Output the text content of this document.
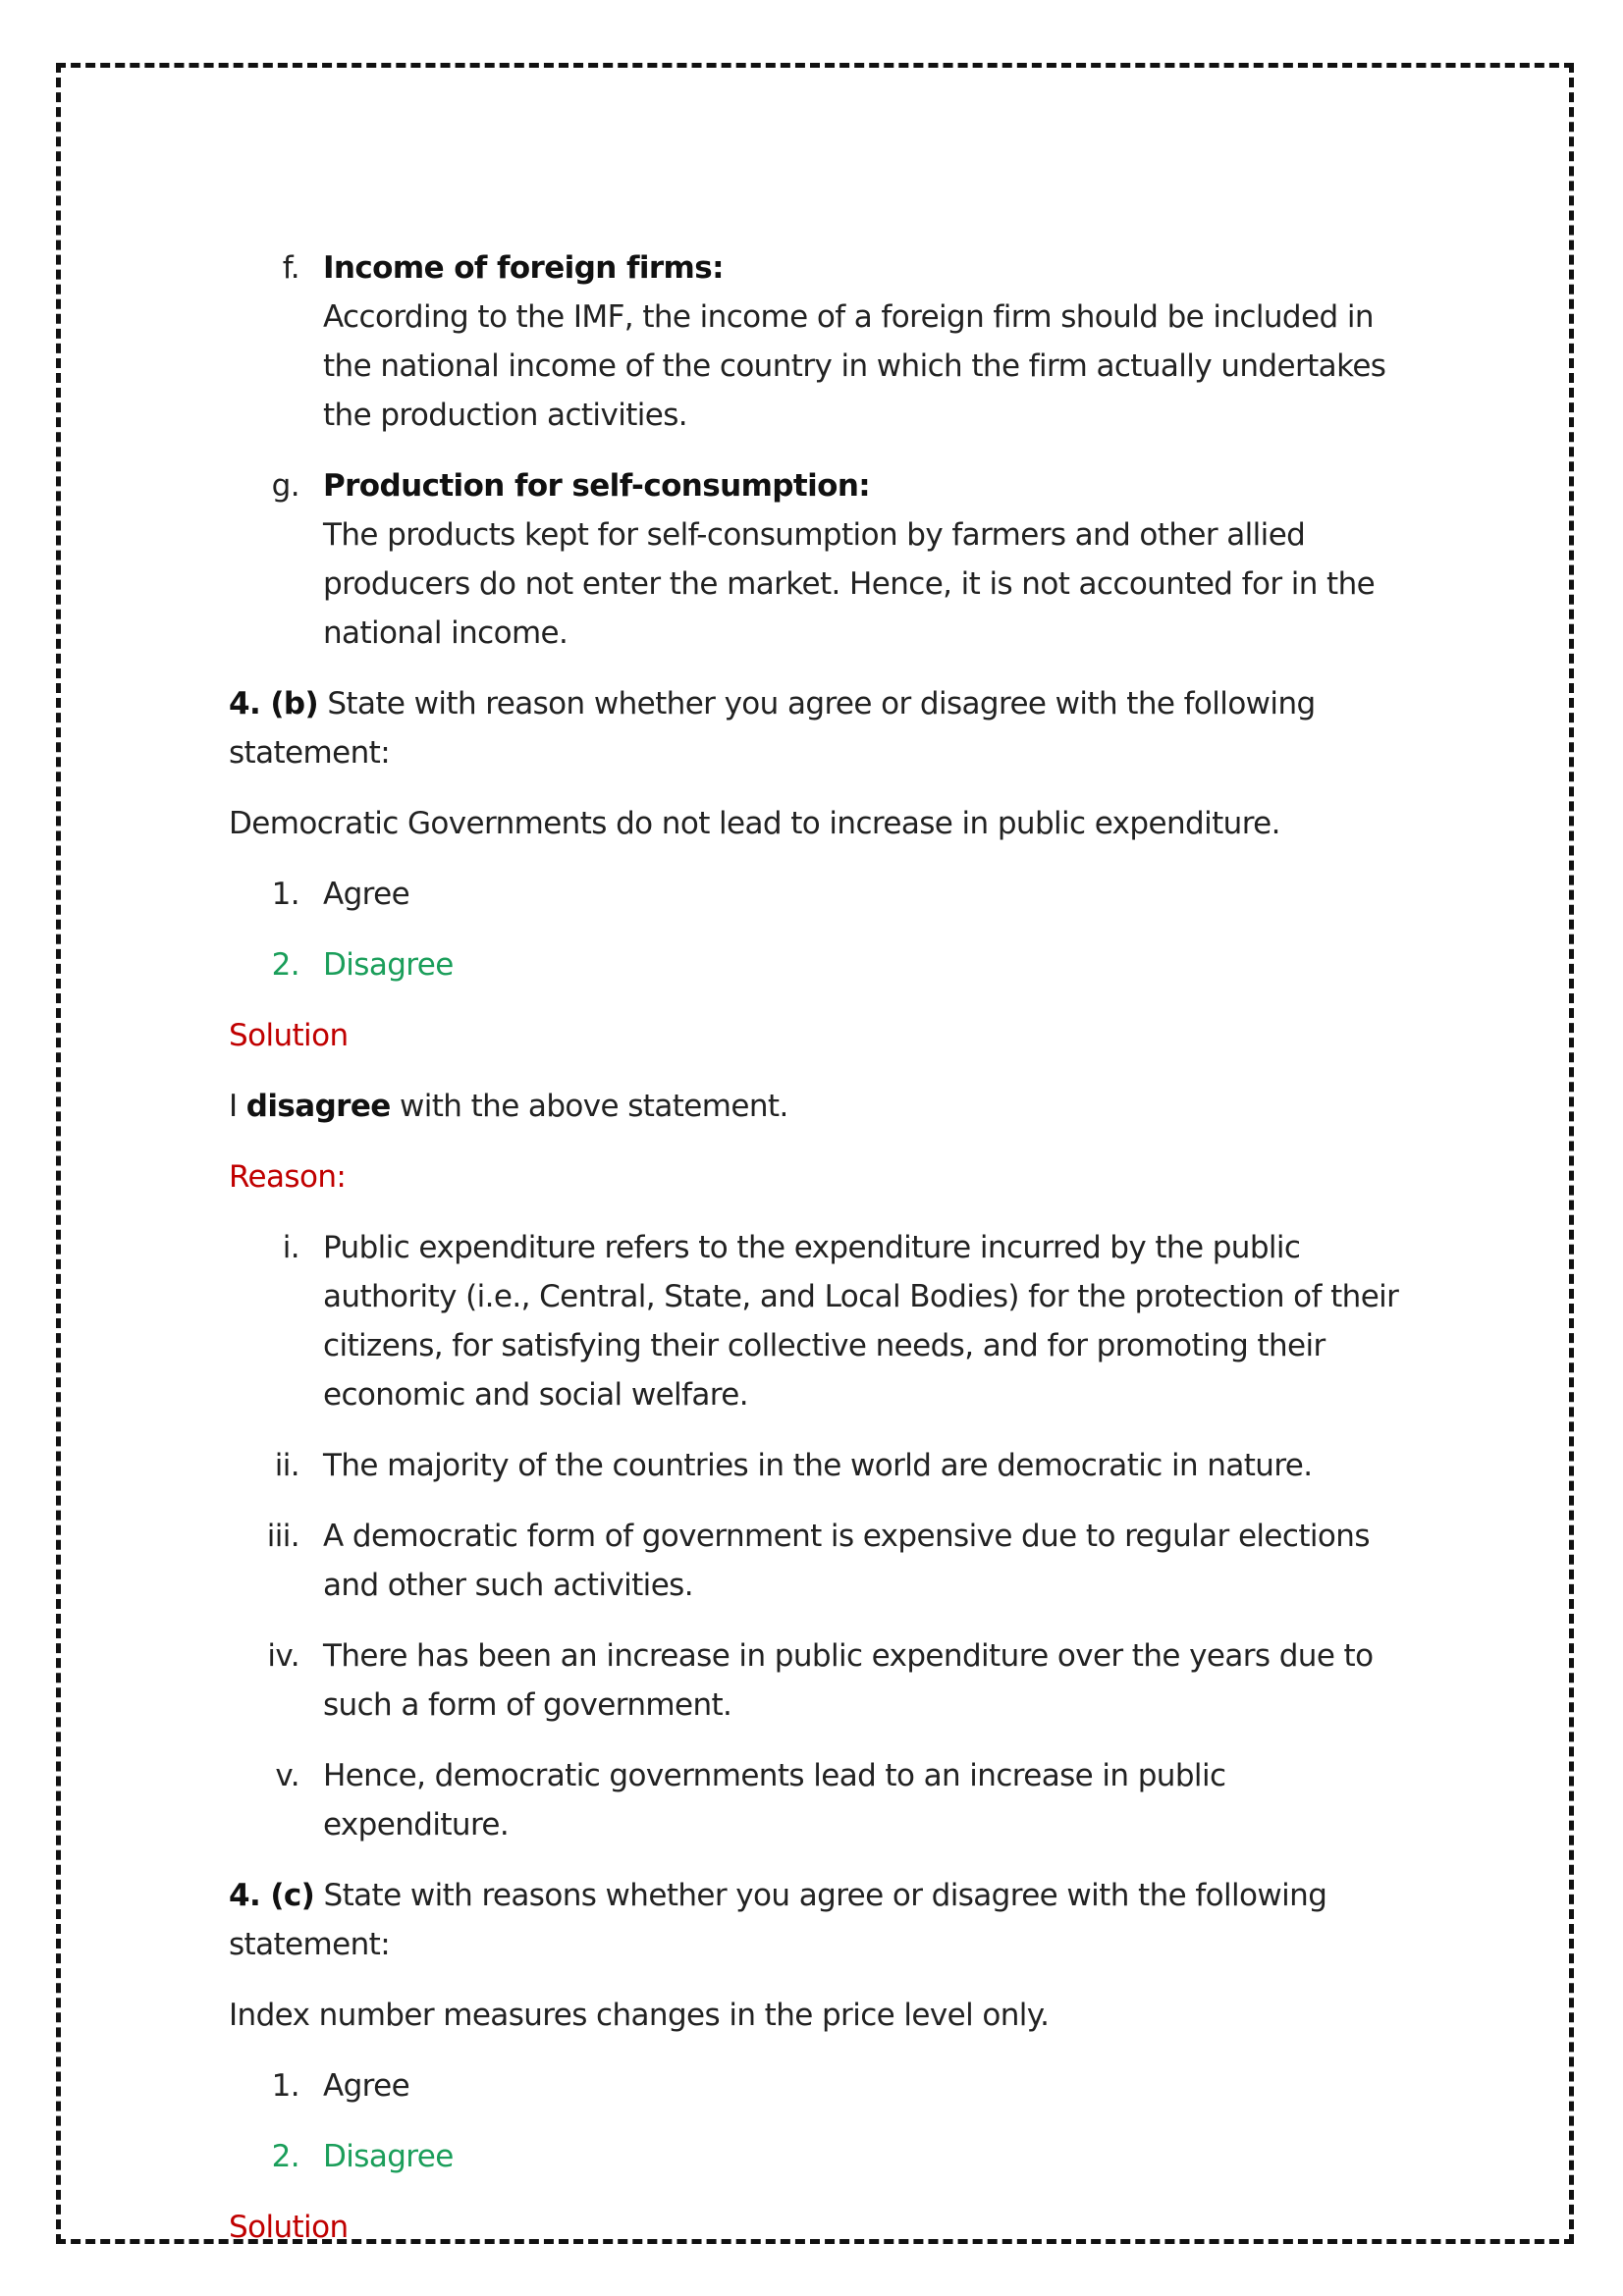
f. Income of foreign firms:
According to the IMF, the income of a foreign firm should be included in the national income of the country in which the firm actually undertakes the production activities.
g. Production for self-consumption:
The products kept for self-consumption by farmers and other allied producers do not enter the market. Hence, it is not accounted for in the national income.
4. (b) State with reason whether you agree or disagree with the following statement:
Democratic Governments do not lead to increase in public expenditure.
1. Agree
2. Disagree
Solution
I disagree with the above statement.
Reason:
i. Public expenditure refers to the expenditure incurred by the public authority (i.e., Central, State, and Local Bodies) for the protection of their citizens, for satisfying their collective needs, and for promoting their economic and social welfare.
ii. The majority of the countries in the world are democratic in nature.
iii. A democratic form of government is expensive due to regular elections and other such activities.
iv. There has been an increase in public expenditure over the years due to such a form of government.
v. Hence, democratic governments lead to an increase in public expenditure.
4. (c) State with reasons whether you agree or disagree with the following statement:
Index number measures changes in the price level only.
1. Agree
2. Disagree
Solution
